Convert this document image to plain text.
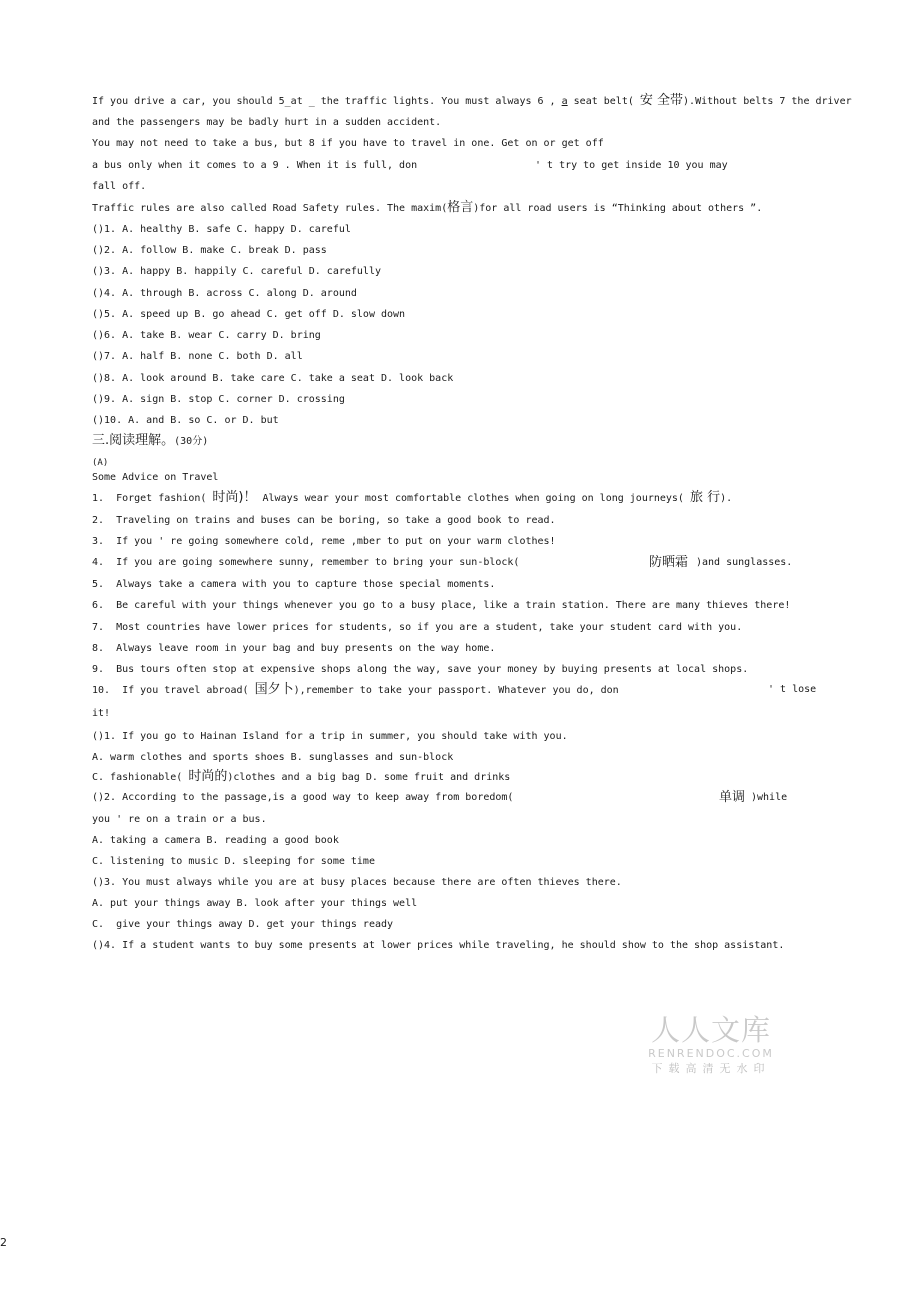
If you drive a car, you should 5_at _ the traffic lights. You must always 6 , a seat belt( 安 全带).Without belts 7 the driver
and the passengers may be badly hurt in a sudden accident.
You may not need to take a bus, but 8 if you have to travel in one. Get on or get off
a bus only when it comes to a 9 . When it is full, don	' t try to get inside 10 you may
fall off.
Traffic rules are also called Road Safety rules. The maxim(格言)for all road users is “Thinking about others ”.
()1. A. healthy B. safe C. happy D. careful
()2. A. follow B. make C. break D. pass
()3. A. happy B. happily C. careful D. carefully
()4. A. through B. across C. along D. around
()5. A. speed up B. go ahead C. get off D. slow down
()6. A. take B. wear C. carry D. bring
()7. A. half B. none C. both D. all
()8. A. look around B. take care C. take a seat D. look back
()9. A. sign B. stop C. corner D. crossing
()10. A. and B. so C. or D. but
三.阅读理解。(30分)
(A)
Some Advice on Travel
1.  Forget fashion( 时尚)！ Always wear your most comfortable clothes when going on long journeys( 旅 行).
2.  Traveling on trains and buses can be boring, so take a good book to read.
3.  If you ' re going somewhere cold, reme ,mber to put on your warm clothes!
4.  If you are going somewhere sunny, remember to bring your sun-block(	防晒霜 )and sunglasses.
5.  Always take a camera with you to capture those special moments.
6.  Be careful with your things whenever you go to a busy place, like a train station. There are many thieves there!
7.  Most countries have lower prices for students, so if you are a student, take your student card with you.
8.  Always leave room in your bag and buy presents on the way home.
9.  Bus tours often stop at expensive shops along the way, save your money by buying presents at local shops.
10.  If you travel abroad( 国夕卜),remember to take your passport. Whatever you do, don	' t lose
it!
()1. If you go to Hainan Island for a trip in summer, you should take with you.
A. warm clothes and sports shoes B. sunglasses and sun-block
C. fashionable( 时尚的)clothes and a big bag D. some fruit and drinks
()2. According to the passage,is a good way to keep away from boredom(	单调 )while
you ' re on a train or a bus.
A. taking a camera B. reading a good book
C. listening to music D. sleeping for some time
()3. You must always while you are at busy places because there are often thieves there.
A. put your things away B. look after your things well
C.  give your things away D. get your things ready
()4. If a student wants to buy some presents at lower prices while traveling, he should show to the shop assistant.
人人文库
RENRENDOC.COM
下载高清无水印
2
